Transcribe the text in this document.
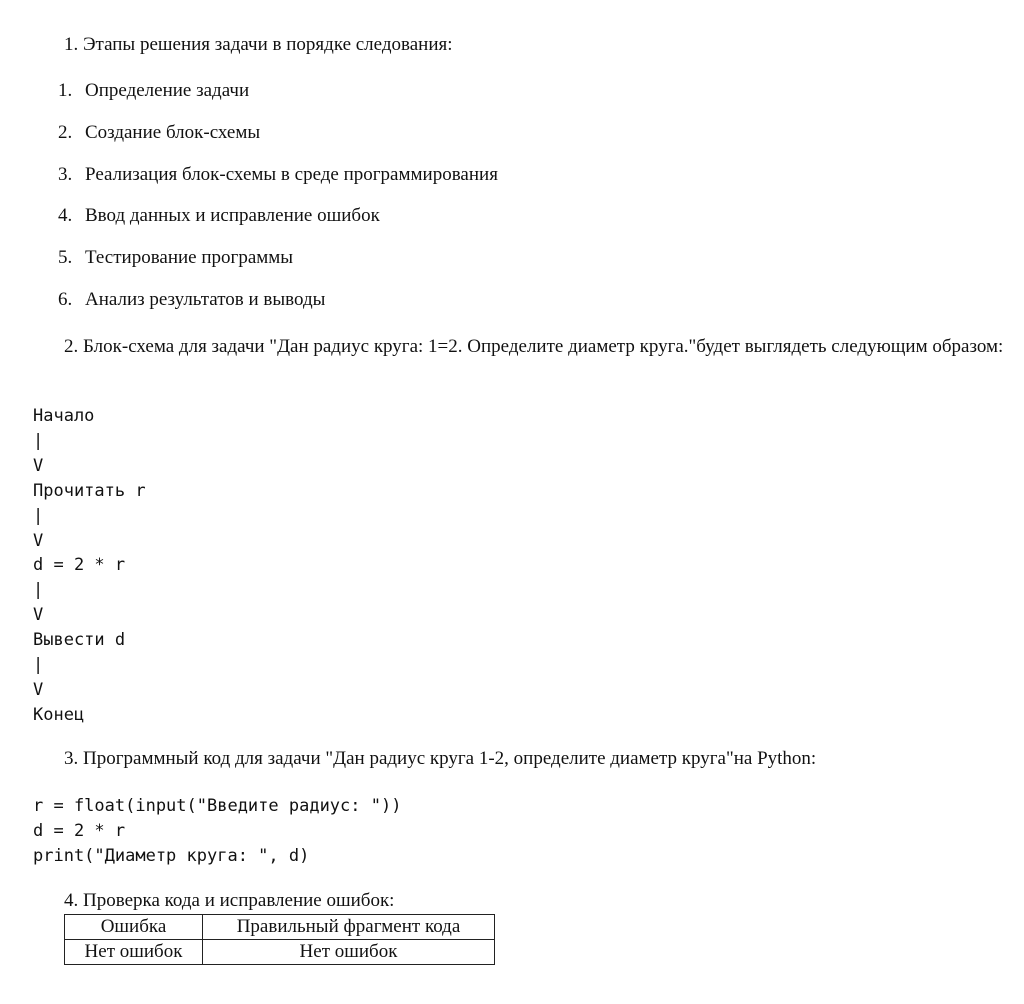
1. Этапы решения задачи в порядке следования:
1. Определение задачи
2. Создание блок-схемы
3. Реализация блок-схемы в среде программирования
4. Ввод данных и исправление ошибок
5. Тестирование программы
6. Анализ результатов и выводы
2. Блок-схема для задачи "Дан радиус круга: 1=2. Определите диаметр круга."будет выглядеть следующим образом:
Начало
|
V
Прочитать r
|
V
d = 2 * r
|
V
Вывести d
|
V
Конец
3. Программный код для задачи "Дан радиус круга 1-2, определите диаметр круга"на Python:
r = float(input("Введите радиус: "))
d = 2 * r
print("Диаметр круга: ", d)
4. Проверка кода и исправление ошибок:
Ошибка	Правильный фрагмент кода
Нет ошибок	Нет ошибок
